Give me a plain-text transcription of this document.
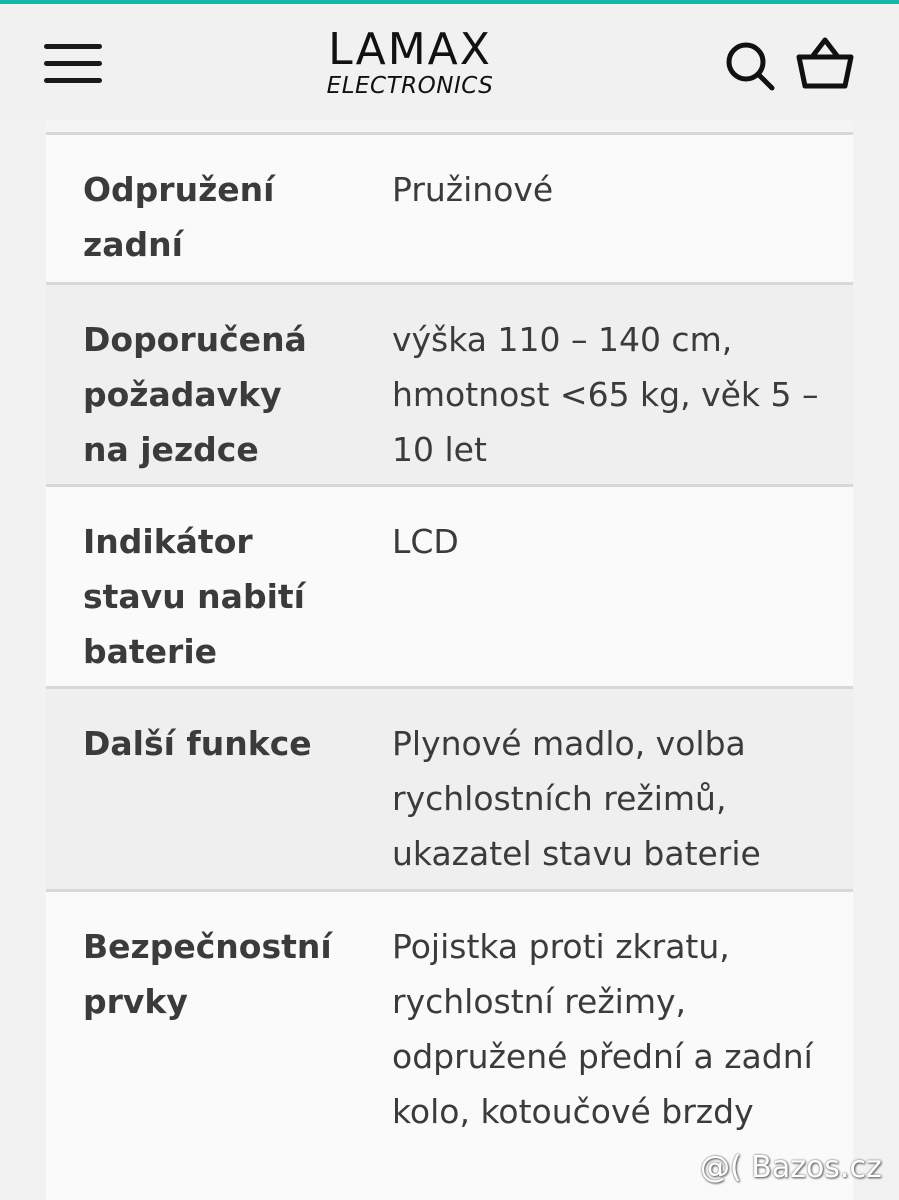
LAMAX
ELECTRONICS
Odpružení zadní
Pružinové
Doporučená požadavky na jezdce
výška 110 – 140 cm, hmotnost <65 kg, věk 5 – 10 let
Indikátor stavu nabití baterie
LCD
Další funkce	Plynové madlo, volba rychlostních režimů, ukazatel stavu baterie
Bezpečnostní prvky
Pojistka proti zkratu, rychlostní režimy, odpružené přední a zadní kolo, kotoučové brzdy
@( Bazos.cz
